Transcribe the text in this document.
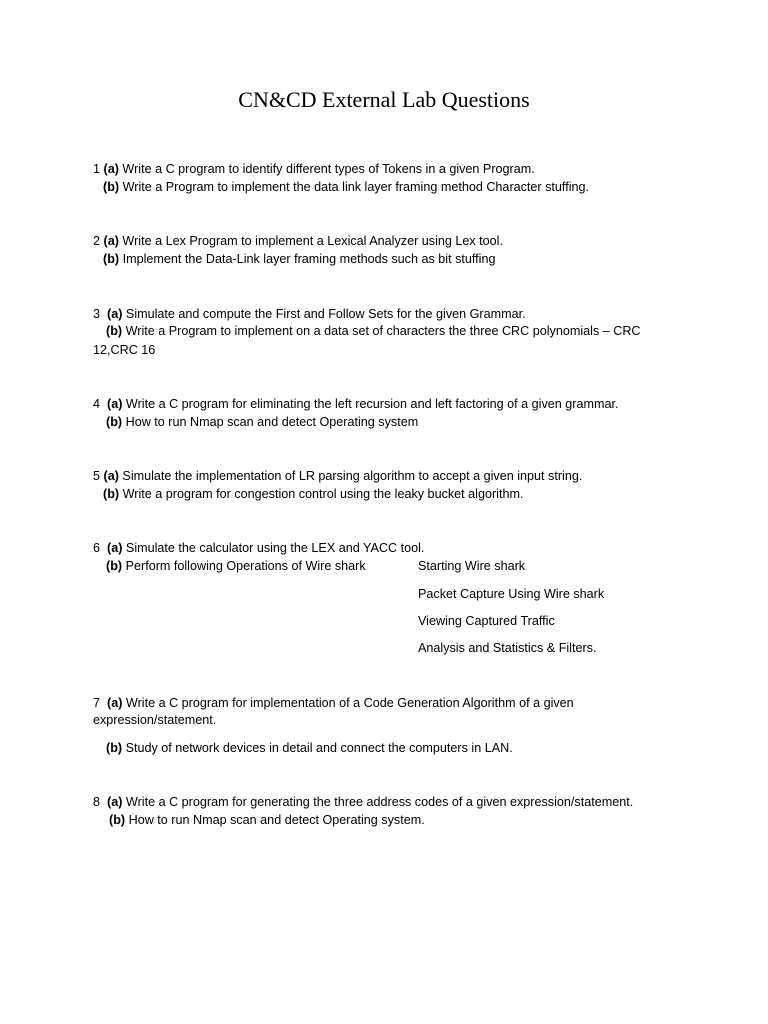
CN&CD External Lab Questions
1 (a) Write a C program to identify different types of Tokens in a given Program.
(b) Write a Program to implement the data link layer framing method Character stuffing.
2 (a) Write a Lex Program to implement a Lexical Analyzer using Lex tool.
(b) Implement the Data-Link layer framing methods such as bit stuffing
3 (a) Simulate and compute the First and Follow Sets for the given Grammar.
(b) Write a Program to implement on a data set of characters the three CRC polynomials – CRC
12,CRC 16
4 (a) Write a C program for eliminating the left recursion and left factoring of a given grammar.
(b) How to run Nmap scan and detect Operating system
5 (a) Simulate the implementation of LR parsing algorithm to accept a given input string.
(b) Write a program for congestion control using the leaky bucket algorithm.
6 (a) Simulate the calculator using the LEX and YACC tool.
(b) Perform following Operations of Wire shark	Starting Wire shark
Packet Capture Using Wire shark
Viewing Captured Traffic
Analysis and Statistics & Filters.
7 (a) Write a C program for implementation of a Code Generation Algorithm of a given
expression/statement.
(b) Study of network devices in detail and connect the computers in LAN.
8 (a) Write a C program for generating the three address codes of a given expression/statement.
(b) How to run Nmap scan and detect Operating system.
